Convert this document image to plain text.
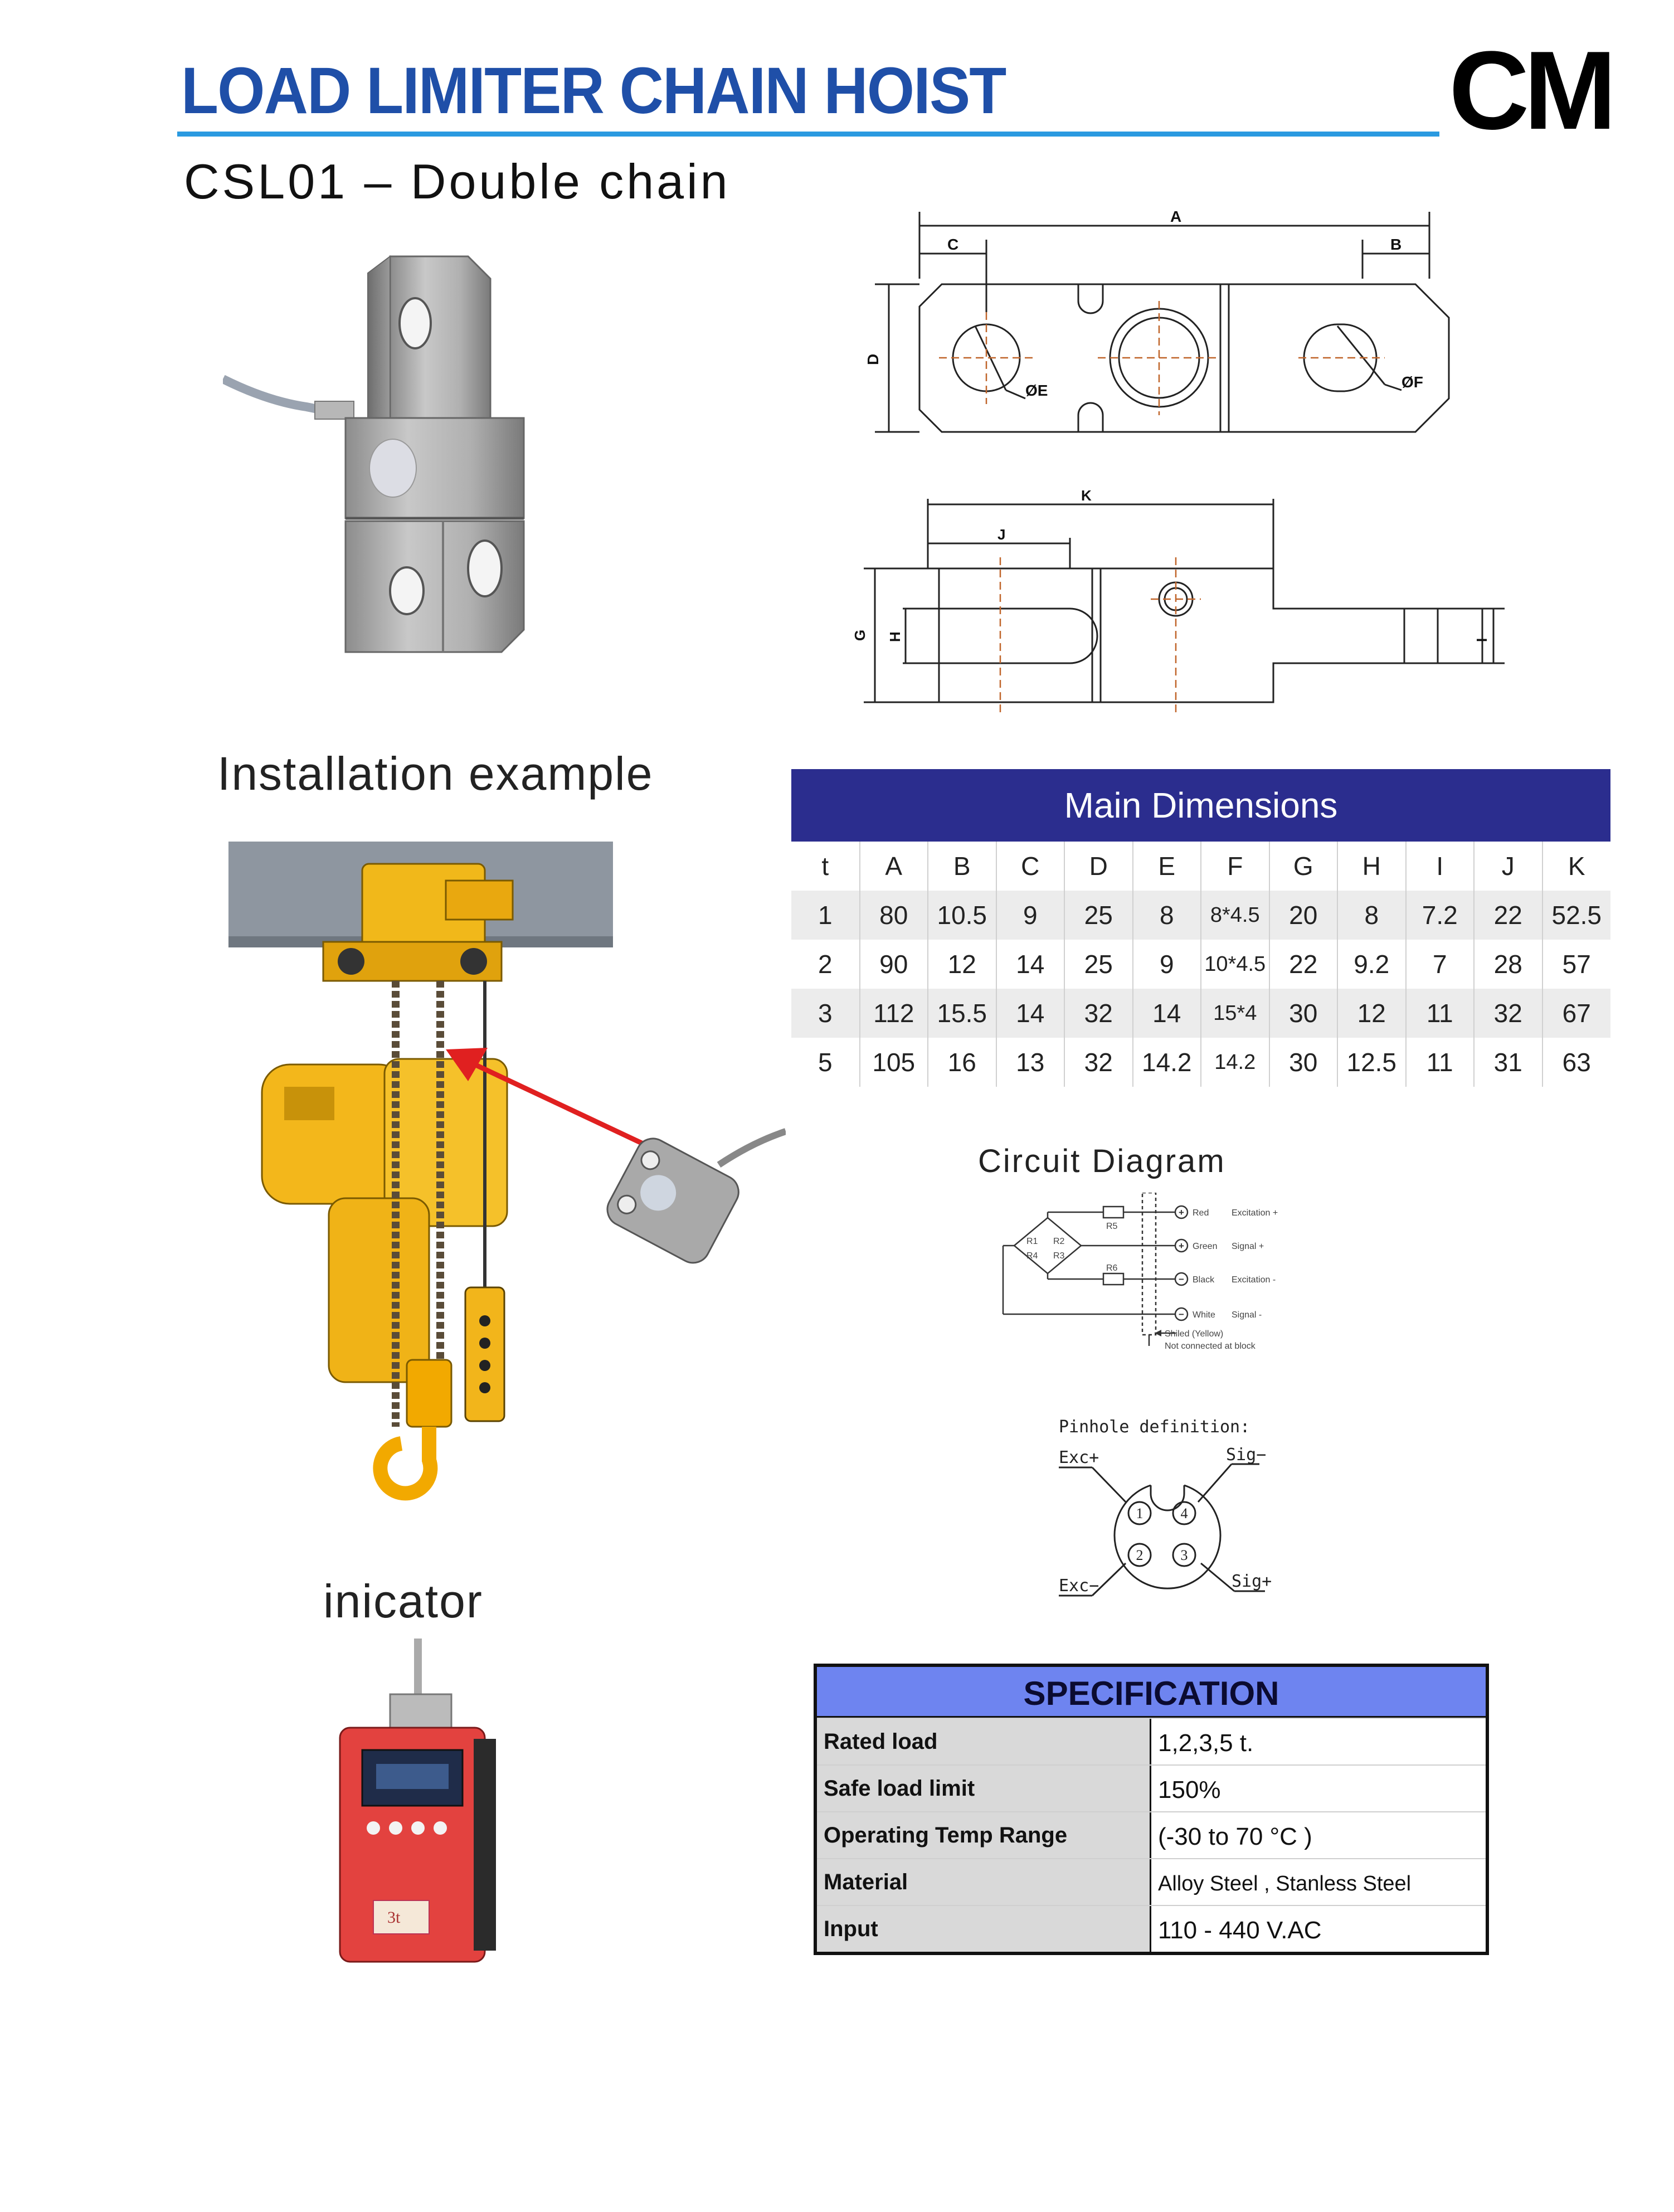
LOAD LIMITER CHAIN HOIST	CM
CSL01 – Double chain
A
C	B
D
ØE	ØF
K
J
G H	I
Installation example
inicator
3t
Main Dimensions
t	A	B	C	D	E	F	G	H	I	J	K
1	80	10.5	9	25	8	8*4.5	20	8	7.2	22	52.5
2	90	12	14	25	9	10*4.5	22	9.2	7	28	57
3	112	15.5	14	32	14	15*4	30	12	11	32	67
5	105	16	13	32	14.2	14.2	30	12.5	11	31	63
Circuit Diagram
+
+
−
−
R1 R2
R3
R4
R5
R6
Red	Excitation +
Green Signal +
Black Excitation -
White Signal -
Shiled (Yellow)
Not connected at block
Pinhole definition:
Exc+	Sig−
Exc−	Sig+
1	4
2	3
SPECIFICATION
Rated load	1,2,3,5 t.
Safe load limit	150%
Operating Temp Range	(-30 to 70 °C )
Material	Alloy Steel , Stanless Steel
Input	110 - 440 V.AC
